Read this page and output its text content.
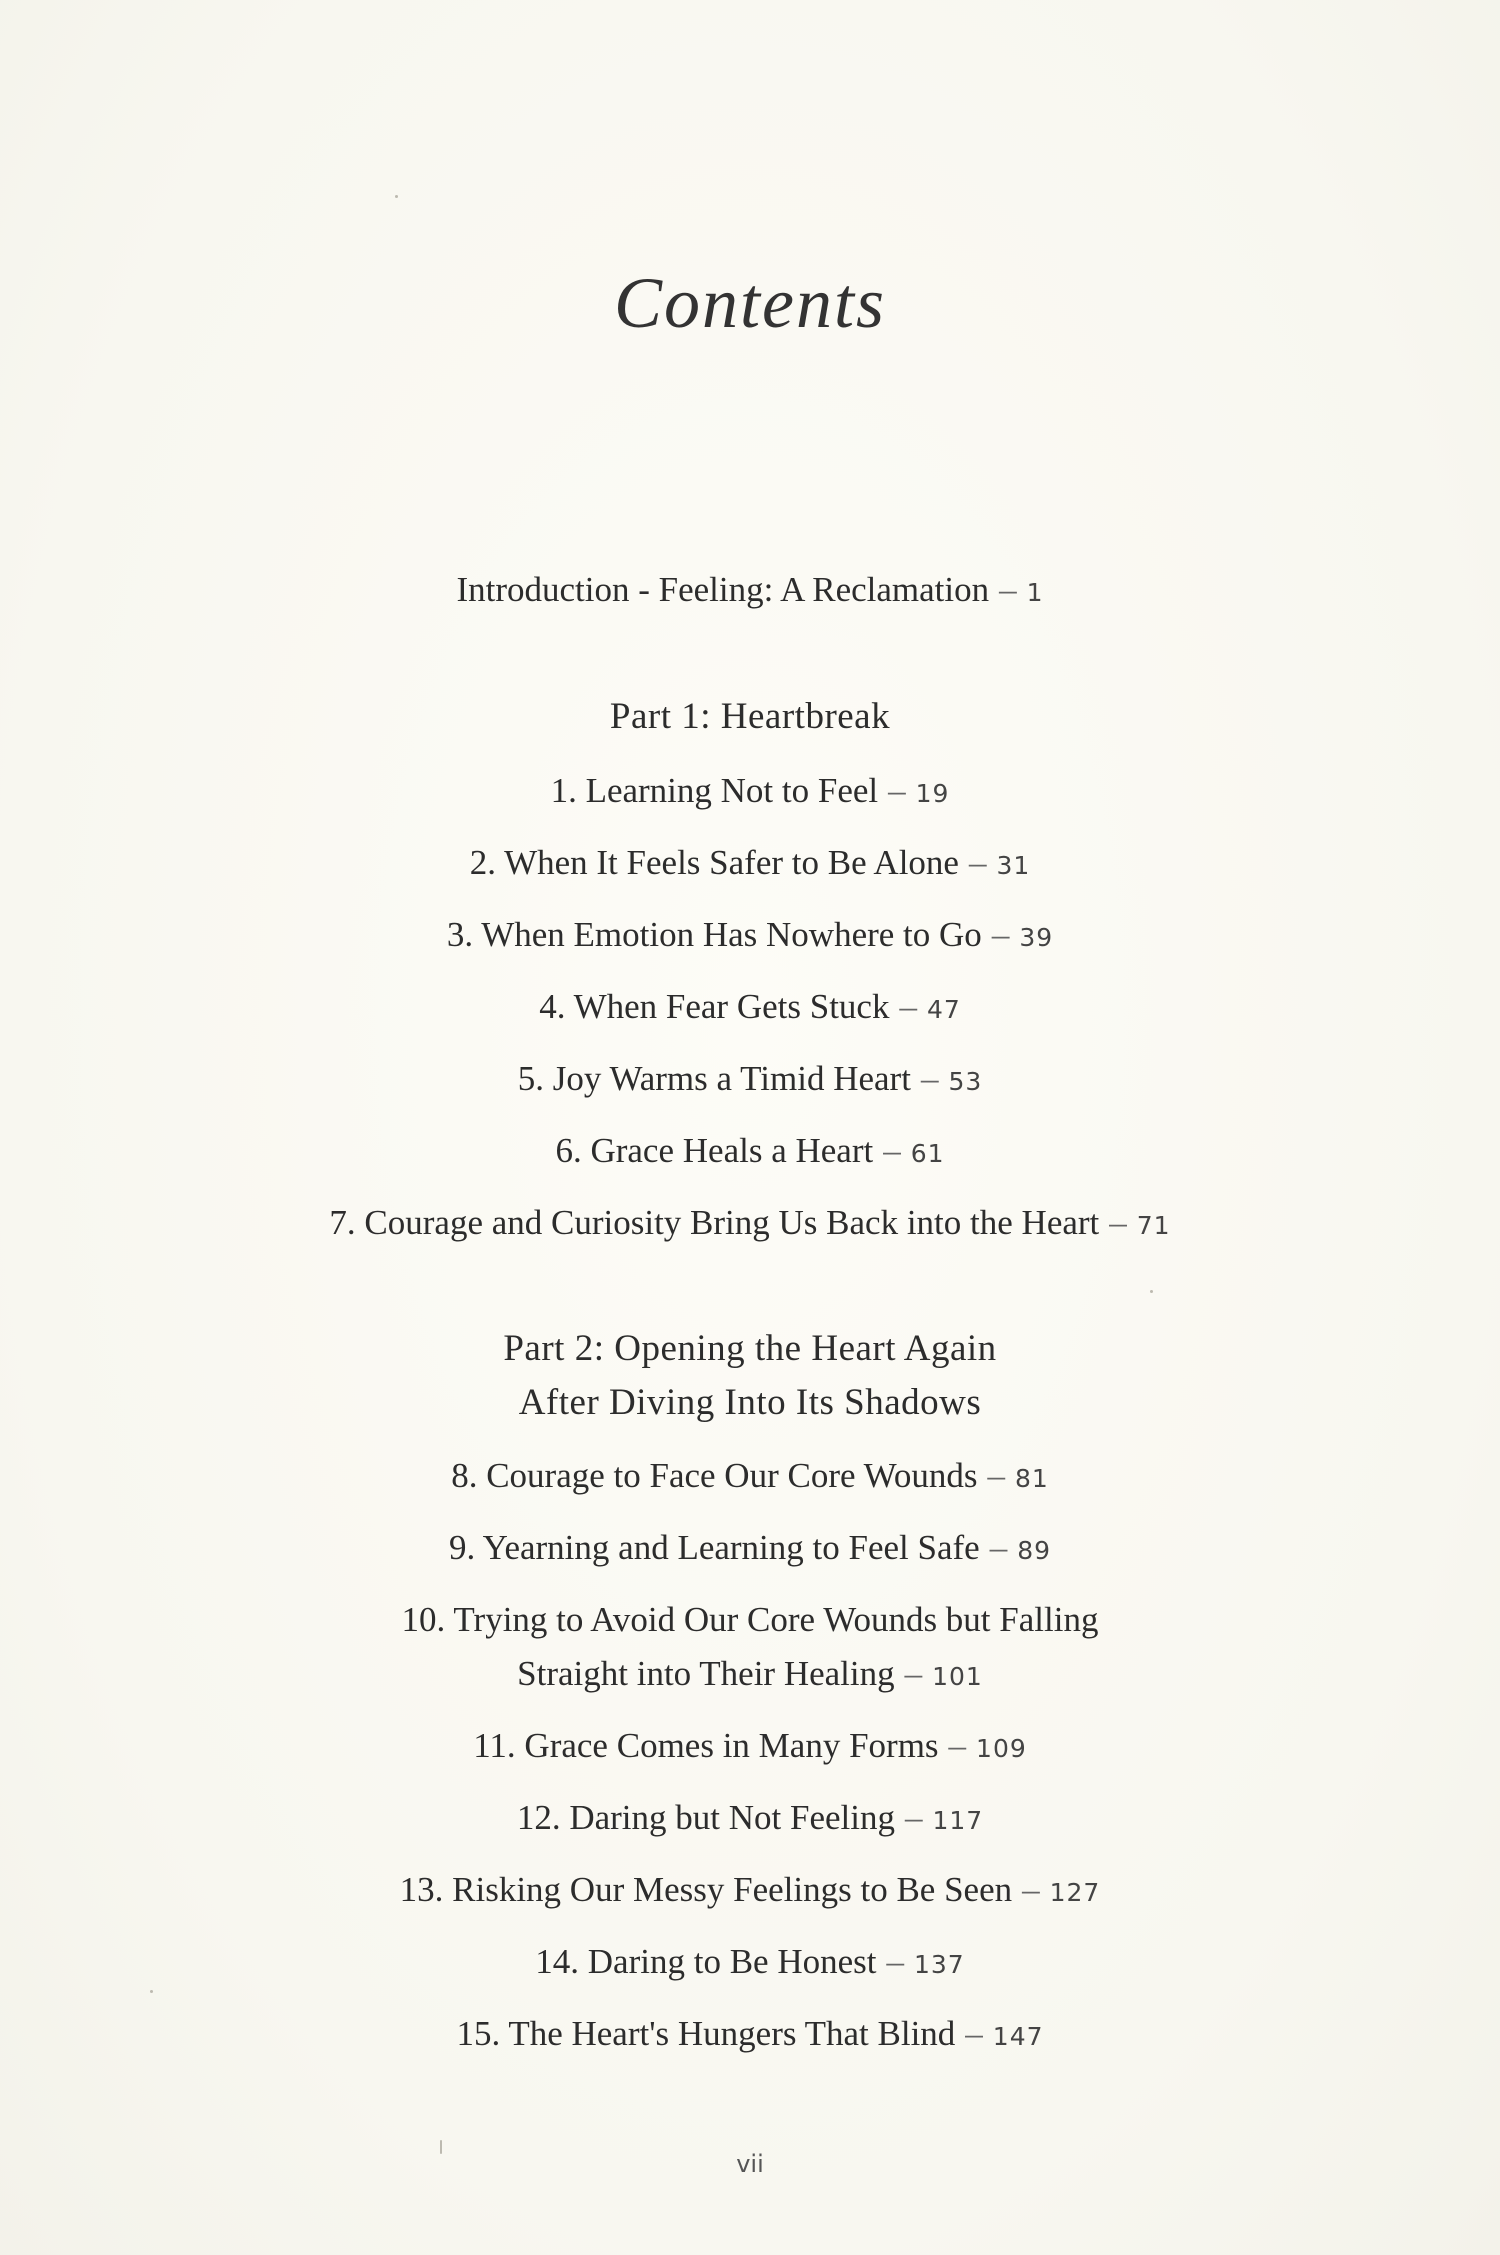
Contents
Introduction - Feeling: A Reclamation – 1
Part 1: Heartbreak
1. Learning Not to Feel – 19
2. When It Feels Safer to Be Alone – 31
3. When Emotion Has Nowhere to Go – 39
4. When Fear Gets Stuck – 47
5. Joy Warms a Timid Heart – 53
6. Grace Heals a Heart – 61
7. Courage and Curiosity Bring Us Back into the Heart – 71
Part 2: Opening the Heart Again
After Diving Into Its Shadows
8. Courage to Face Our Core Wounds – 81
9. Yearning and Learning to Feel Safe – 89
10. Trying to Avoid Our Core Wounds but Falling
Straight into Their Healing – 101
11. Grace Comes in Many Forms – 109
12. Daring but Not Feeling – 117
13. Risking Our Messy Feelings to Be Seen – 127
14. Daring to Be Honest – 137
15. The Heart's Hungers That Blind – 147
vii
